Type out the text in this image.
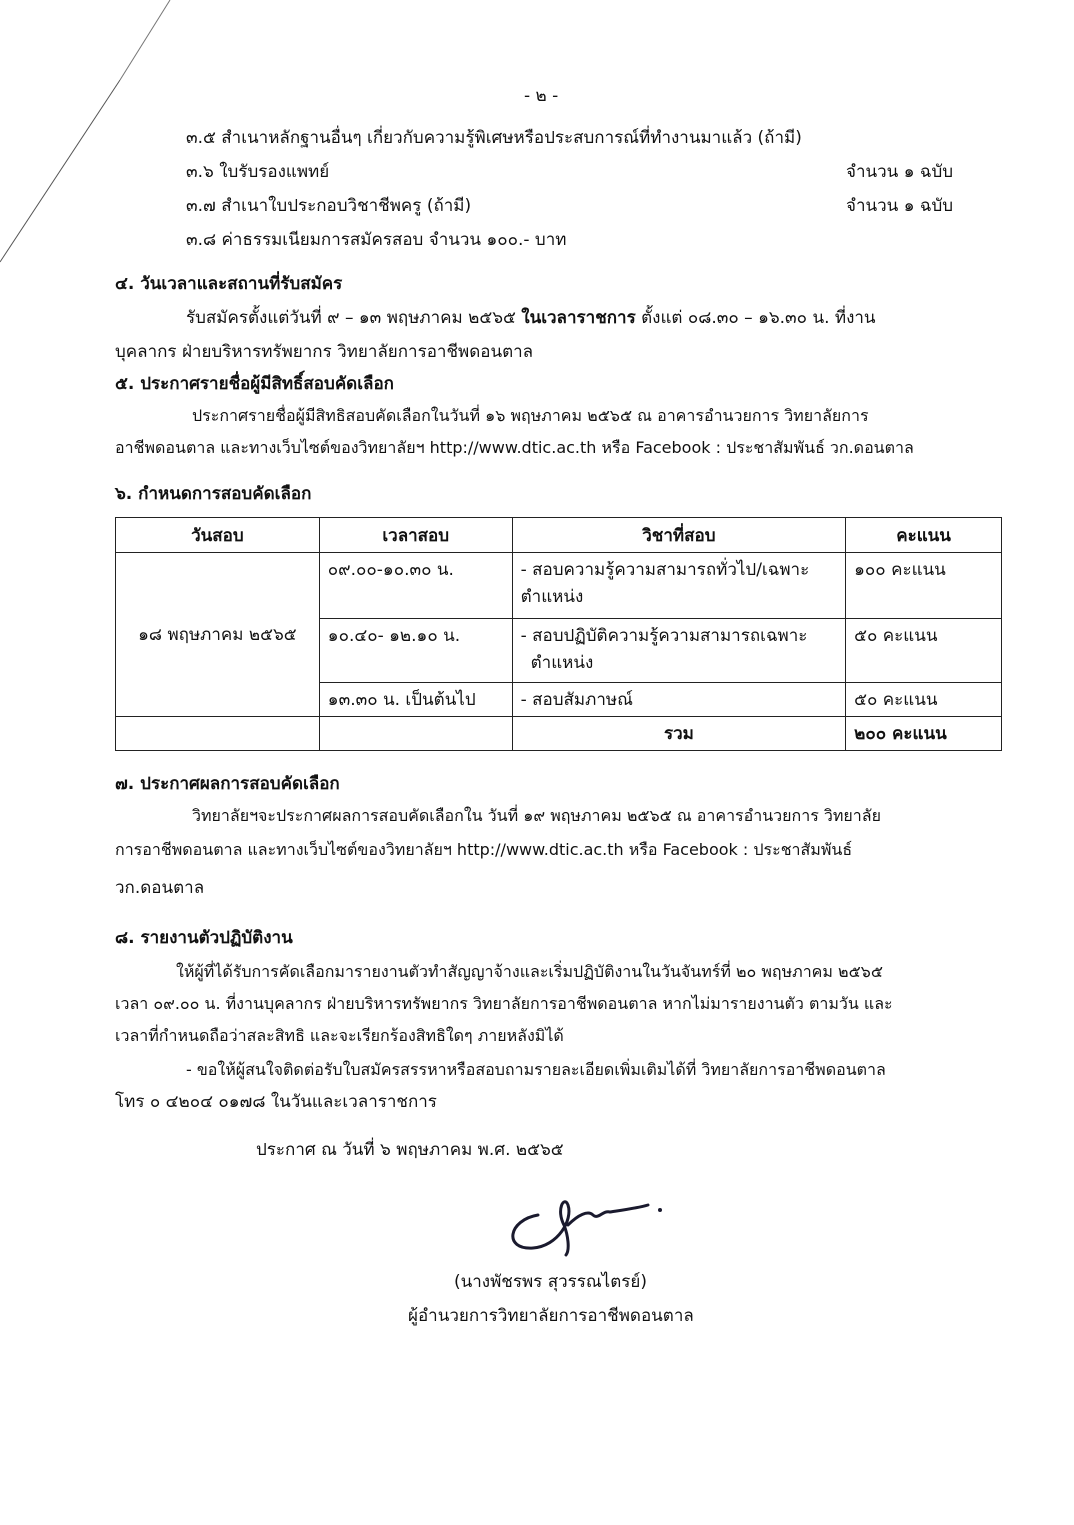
- ๒ -
๓.๕ สำเนาหลักฐานอื่นๆ เกี่ยวกับความรู้พิเศษหรือประสบการณ์ที่ทำงานมาแล้ว (ถ้ามี)
๓.๖ ใบรับรองแพทย์	จำนวน ๑ ฉบับ
๓.๗ สำเนาใบประกอบวิชาชีพครู (ถ้ามี)	จำนวน ๑ ฉบับ
๓.๘ ค่าธรรมเนียมการสมัครสอบ จำนวน ๑๐๐.- บาท
๔. วันเวลาและสถานที่รับสมัคร
รับสมัครตั้งแต่วันที่ ๙ – ๑๓ พฤษภาคม ๒๕๖๕ ในเวลาราชการ ตั้งแต่ ๐๘.๓๐ – ๑๖.๓๐ น. ที่งาน
บุคลากร ฝ่ายบริหารทรัพยากร วิทยาลัยการอาชีพดอนตาล
๕. ประกาศรายชื่อผู้มีสิทธิ์สอบคัดเลือก
ประกาศรายชื่อผู้มีสิทธิสอบคัดเลือกในวันที่ ๑๖ พฤษภาคม ๒๕๖๕ ณ อาคารอำนวยการ วิทยาลัยการ
อาชีพดอนตาล และทางเว็บไซต์ของวิทยาลัยฯ http://www.dtic.ac.th หรือ Facebook : ประชาสัมพันธ์ วก.ดอนตาล
๖. กำหนดการสอบคัดเลือก
วันสอบ	เวลาสอบ	วิชาที่สอบ	คะแนน
๑๘ พฤษภาคม ๒๕๖๕	๐๙.๐๐-๑๐.๓๐ น.	- สอบความรู้ความสามารถทั่วไป/เฉพาะ
ตำแหน่ง	๑๐๐ คะแนน
	๑๐.๔๐- ๑๒.๑๐ น.	- สอบปฏิบัติความรู้ความสามารถเฉพาะ
ตำแหน่ง	๕๐ คะแนน
	๑๓.๓๐ น. เป็นต้นไป	- สอบสัมภาษณ์	๕๐ คะแนน
		รวม	๒๐๐ คะแนน
๗. ประกาศผลการสอบคัดเลือก
วิทยาลัยฯจะประกาศผลการสอบคัดเลือกใน วันที่ ๑๙ พฤษภาคม ๒๕๖๕ ณ อาคารอำนวยการ วิทยาลัย
การอาชีพดอนตาล และทางเว็บไซต์ของวิทยาลัยฯ http://www.dtic.ac.th หรือ Facebook : ประชาสัมพันธ์
วก.ดอนตาล
๘. รายงานตัวปฏิบัติงาน
ให้ผู้ที่ได้รับการคัดเลือกมารายงานตัวทำสัญญาจ้างและเริ่มปฏิบัติงานในวันจันทร์ที่ ๒๐ พฤษภาคม ๒๕๖๕
เวลา ๐๙.๐๐ น. ที่งานบุคลากร ฝ่ายบริหารทรัพยากร วิทยาลัยการอาชีพดอนตาล หากไม่มารายงานตัว ตามวัน และ
เวลาที่กำหนดถือว่าสละสิทธิ และจะเรียกร้องสิทธิใดๆ ภายหลังมิได้
- ขอให้ผู้สนใจติดต่อรับใบสมัครสรรหาหรือสอบถามรายละเอียดเพิ่มเติมได้ที่ วิทยาลัยการอาชีพดอนตาล
โทร ๐ ๔๒๐๔ ๐๑๗๘ ในวันและเวลาราชการ
ประกาศ ณ วันที่ ๖ พฤษภาคม พ.ศ. ๒๕๖๕
(นางพัชรพร สุวรรณไตรย์)
ผู้อำนวยการวิทยาลัยการอาชีพดอนตาล
